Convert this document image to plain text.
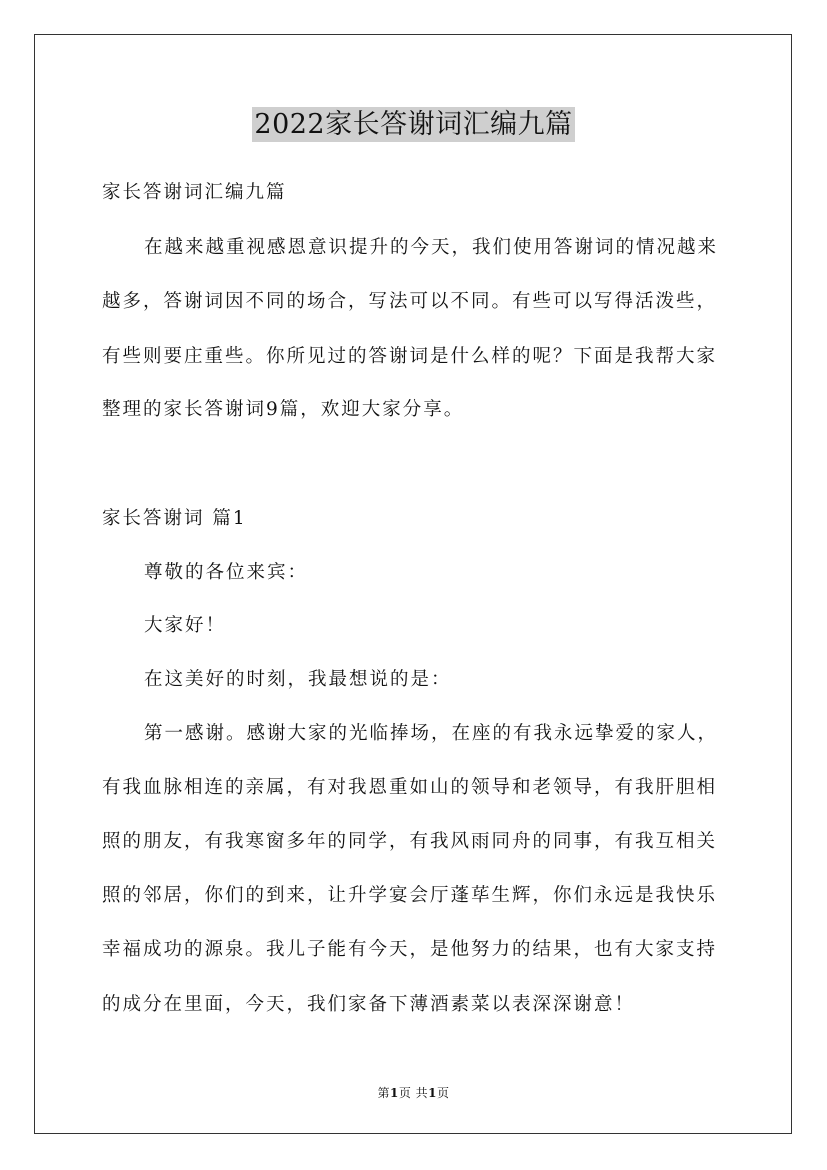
2022家长答谢词汇编九篇
家长答谢词汇编九篇
在越来越重视感恩意识提升的今天，我们使用答谢词的情况越来
越多，答谢词因不同的场合，写法可以不同。有些可以写得活泼些，
有些则要庄重些。你所见过的答谢词是什么样的呢？下面是我帮大家
整理的家长答谢词9篇，欢迎大家分享。
家长答谢词 篇1
尊敬的各位来宾：
大家好！
在这美好的时刻，我最想说的是：
第一感谢。感谢大家的光临捧场，在座的有我永远挚爱的家人，
有我血脉相连的亲属，有对我恩重如山的领导和老领导，有我肝胆相
照的朋友，有我寒窗多年的同学，有我风雨同舟的同事，有我互相关
照的邻居，你们的到来，让升学宴会厅蓬荜生辉，你们永远是我快乐
幸福成功的源泉。我儿子能有今天，是他努力的结果，也有大家支持
的成分在里面，今天，我们家备下薄酒素菜以表深深谢意！
第1页 共1页
